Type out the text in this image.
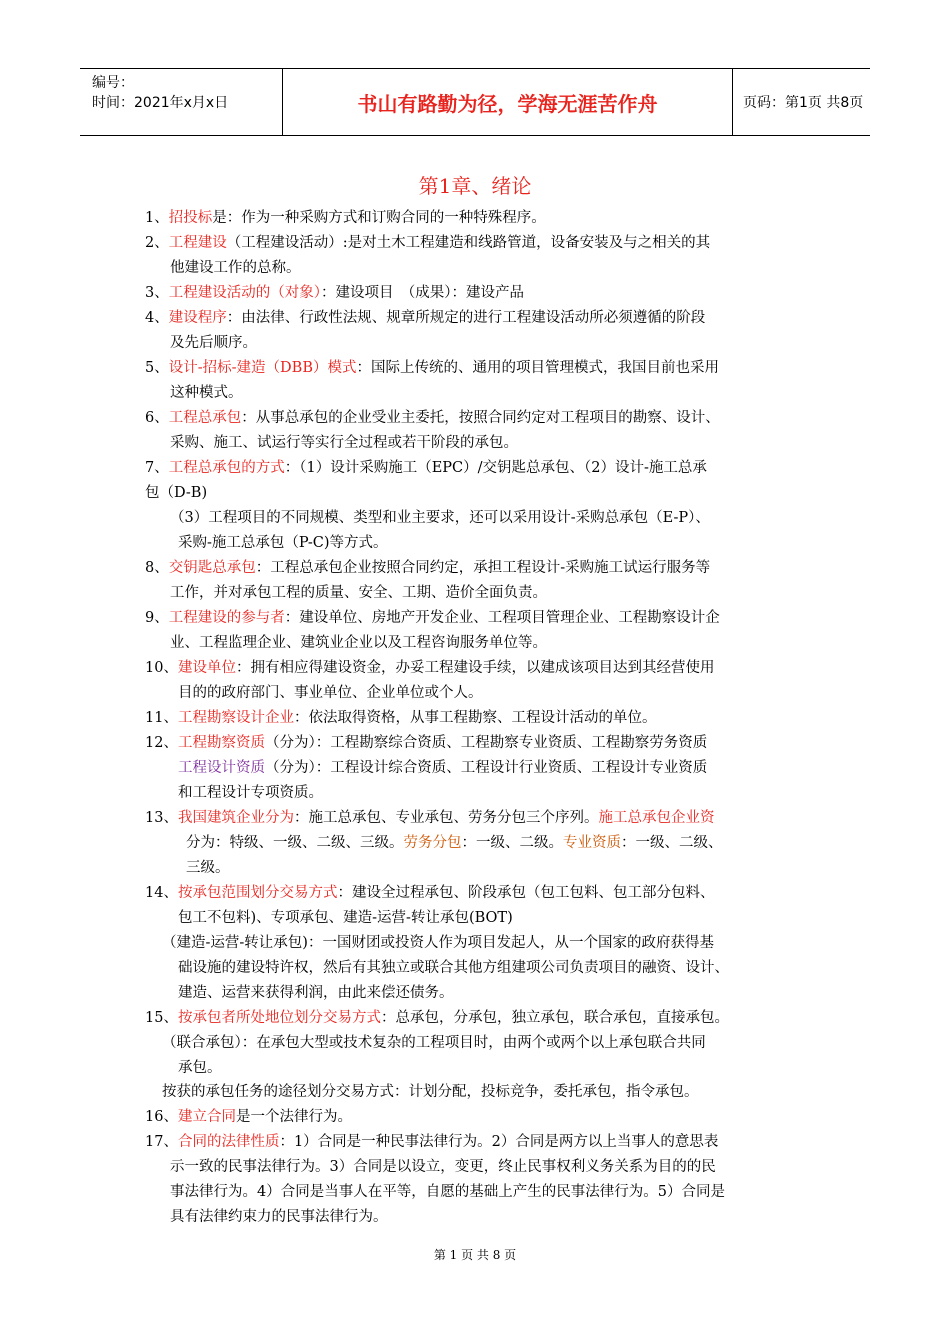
编号：
时间：2021年x月x日	书山有路勤为径，学海无涯苦作舟	页码：第1页 共8页
第1章、绪论
1、招投标是：作为一种采购方式和订购合同的一种特殊程序。
2、工程建设（工程建设活动）:是对土木工程建造和线路管道，设备安装及与之相关的其
他建设工作的总称。
3、工程建设活动的（对象）：建设项目　（成果）：建设产品
4、建设程序：由法律、行政性法规、规章所规定的进行工程建设活动所必须遵循的阶段
及先后顺序。
5、设计-招标-建造（DBB）模式：国际上传统的、通用的项目管理模式，我国目前也采用
这种模式。
6、工程总承包：从事总承包的企业受业主委托，按照合同约定对工程项目的勘察、设计、
采购、施工、试运行等实行全过程或若干阶段的承包。
7、工程总承包的方式：（1）设计采购施工（EPC）/交钥匙总承包、（2）设计-施工总承
包（D-B)
（3）工程项目的不同规模、类型和业主要求，还可以采用设计-采购总承包（E-P）、
采购-施工总承包（P-C)等方式。
8、交钥匙总承包：工程总承包企业按照合同约定，承担工程设计-采购施工试运行服务等
工作，并对承包工程的质量、安全、工期、造价全面负责。
9、工程建设的参与者：建设单位、房地产开发企业、工程项目管理企业、工程勘察设计企
业、工程监理企业、建筑业企业以及工程咨询服务单位等。
10、建设单位：拥有相应得建设资金，办妥工程建设手续，以建成该项目达到其经营使用
目的的政府部门、事业单位、企业单位或个人。
11、工程勘察设计企业：依法取得资格，从事工程勘察、工程设计活动的单位。
12、工程勘察资质（分为）：工程勘察综合资质、工程勘察专业资质、工程勘察劳务资质
工程设计资质（分为）：工程设计综合资质、工程设计行业资质、工程设计专业资质
和工程设计专项资质。
13、我国建筑企业分为：施工总承包、专业承包、劳务分包三个序列。施工总承包企业资
分为：特级、一级、二级、三级。劳务分包：一级、二级。专业资质：一级、二级、
三级。
14、按承包范围划分交易方式：建设全过程承包、阶段承包（包工包料、包工部分包料、
包工不包料)、专项承包、建造-运营-转让承包(BOT)
（建造-运营-转让承包)：一国财团或投资人作为项目发起人，从一个国家的政府获得基
础设施的建设特许权，然后有其独立或联合其他方组建项公司负责项目的融资、设计、
建造、运营来获得利润，由此来偿还债务。
15、按承包者所处地位划分交易方式：总承包，分承包，独立承包，联合承包，直接承包。
（联合承包）：在承包大型或技术复杂的工程项目时，由两个或两个以上承包联合共同
承包。
按获的承包任务的途径划分交易方式：计划分配，投标竞争，委托承包，指令承包。
16、建立合同是一个法律行为。
17、合同的法律性质：1）合同是一种民事法律行为。2）合同是两方以上当事人的意思表
示一致的民事法律行为。3）合同是以设立，变更，终止民事权利义务关系为目的的民
事法律行为。4）合同是当事人在平等，自愿的基础上产生的民事法律行为。5）合同是
具有法律约束力的民事法律行为。
第 1 页 共 8 页
